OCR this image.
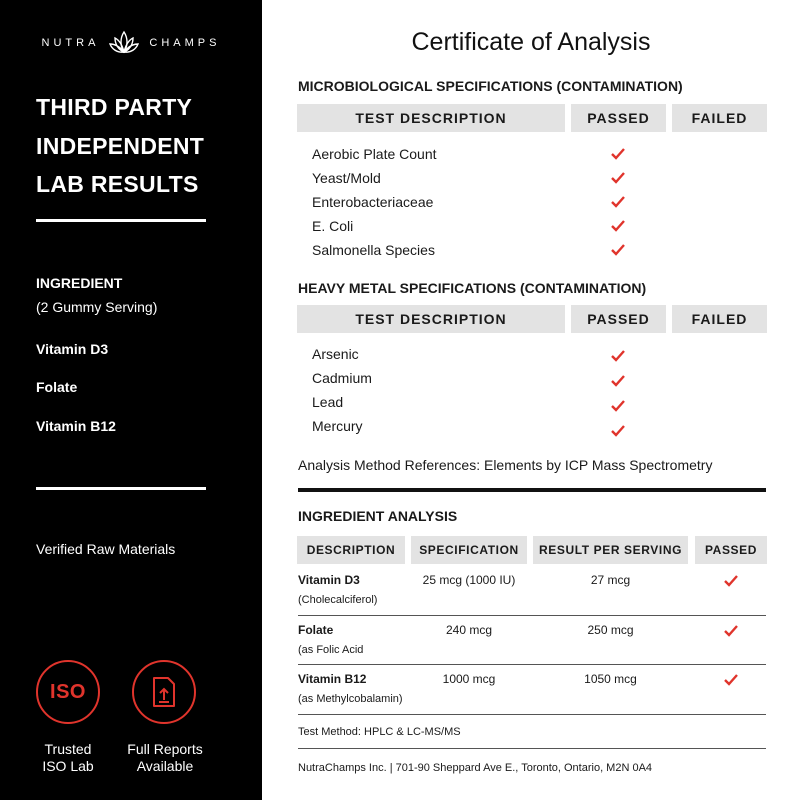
NUTRA	CHAMPS
THIRD PARTY
INDEPENDENT
LAB RESULTS
INGREDIENT
(2 Gummy Serving)
Vitamin D3
Folate
Vitamin B12
Verified Raw Materials
ISO
Trusted
ISO Lab
Full Reports
Available
Certificate of Analysis
MICROBIOLOGICAL SPECIFICATIONS (CONTAMINATION)
TEST DESCRIPTION	PASSED	FAILED
Aerobic Plate Count
Yeast/Mold
Enterobacteriaceae
E. Coli
Salmonella Species
HEAVY METAL SPECIFICATIONS (CONTAMINATION)
TEST DESCRIPTION	PASSED	FAILED
Arsenic
Cadmium
Lead
Mercury
Analysis Method References: Elements by ICP Mass Spectrometry
INGREDIENT ANALYSIS
DESCRIPTION	SPECIFICATION	RESULT PER SERVING	PASSED
Vitamin D3
(Cholecalciferol)
25 mcg (1000 IU)	27 mcg
Folate
(as Folic Acid
240 mcg	250 mcg
Vitamin B12
(as Methylcobalamin)
1000 mcg	1050 mcg
Test Method: HPLC & LC-MS/MS
NutraChamps Inc. | 701-90 Sheppard Ave E., Toronto, Ontario, M2N 0A4
